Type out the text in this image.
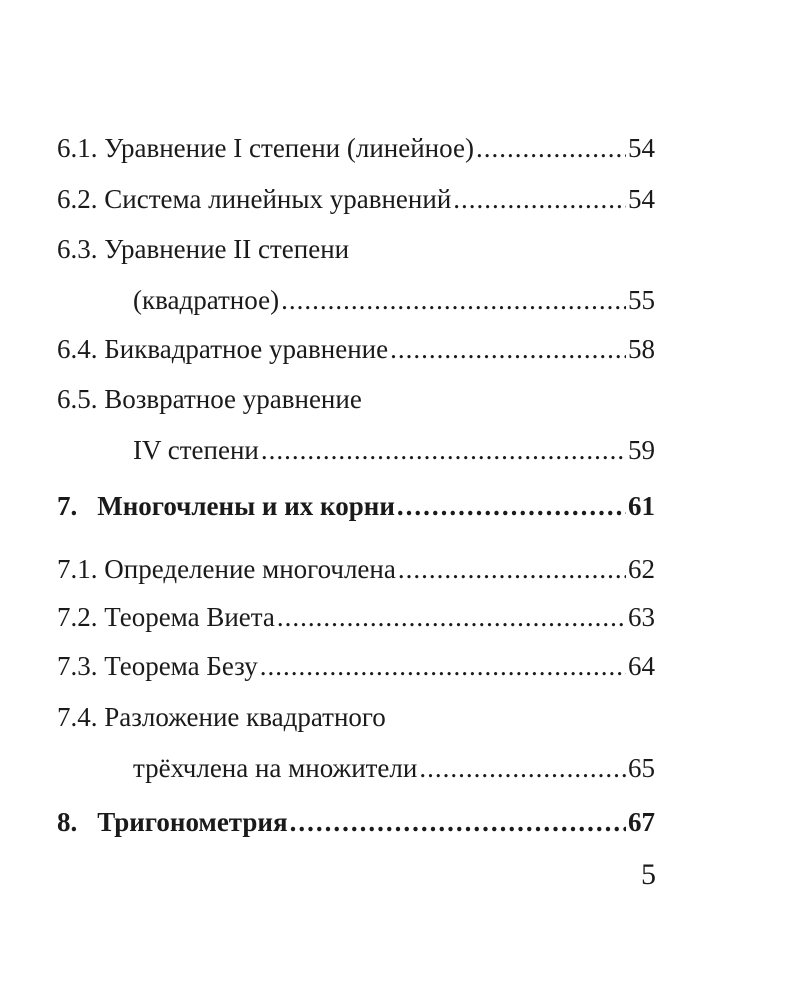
6.1. Уравнение I степени (линейное) .....	54
6.2. Система линейных уравнений .....	54
6.3. Уравнение II степени
(квадратное) .....	55
6.4. Биквадратное уравнение .....	58
6.5. Возвратное уравнение
IV степени .....	59
7. Многочлены и их корни .....	61
7.1. Определение многочлена .....	62
7.2. Теорема Виета .....	63
7.3. Теорема Безу .....	64
7.4. Разложение квадратного
трёхчлена на множители .....	65
8. Тригонометрия .....	67
5
